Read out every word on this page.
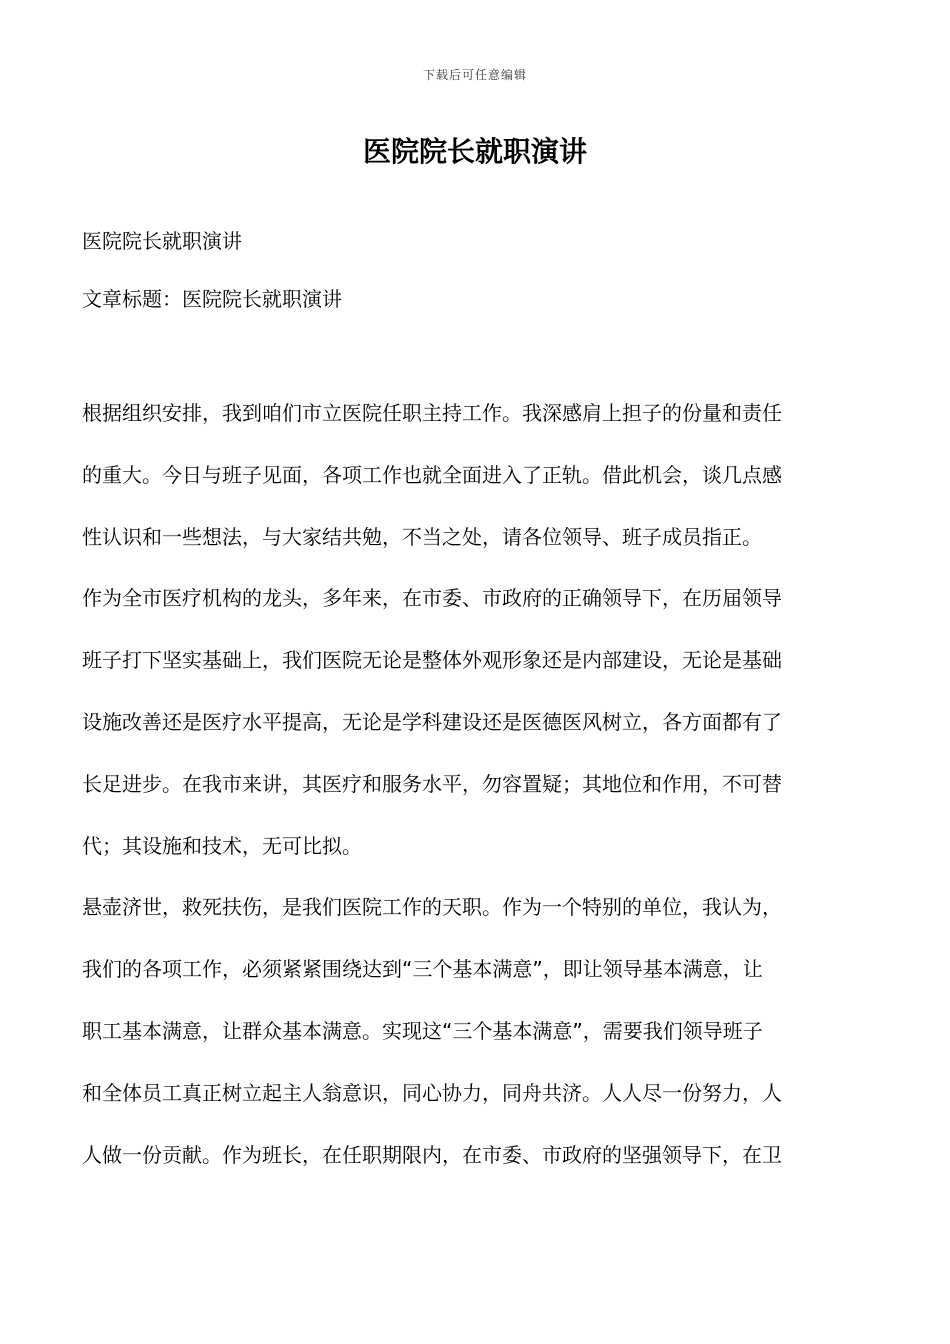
下载后可任意编辑
医院院长就职演讲

医院院长就职演讲

文章标题：医院院长就职演讲

根据组织安排，我到咱们市立医院任职主持工作。我深感肩上担子的份量和责任
的重大。今日与班子见面，各项工作也就全面进入了正轨。借此机会，谈几点感
性认识和一些想法，与大家结共勉，不当之处，请各位领导、班子成员指正。
作为全市医疗机构的龙头，多年来，在市委、市政府的正确领导下，在历届领导
班子打下坚实基础上，我们医院无论是整体外观形象还是内部建设，无论是基础
设施改善还是医疗水平提高，无论是学科建设还是医德医风树立，各方面都有了
长足进步。在我市来讲，其医疗和服务水平，勿容置疑；其地位和作用，不可替
代；其设施和技术，无可比拟。
悬壶济世，救死扶伤，是我们医院工作的天职。作为一个特别的单位，我认为，
我们的各项工作，必须紧紧围绕达到“三个基本满意”，即让领导基本满意，让
职工基本满意，让群众基本满意。实现这“三个基本满意”，需要我们领导班子
和全体员工真正树立起主人翁意识，同心协力，同舟共济。人人尽一份努力，人
人做一份贡献。作为班长，在任职期限内，在市委、市政府的坚强领导下，在卫
